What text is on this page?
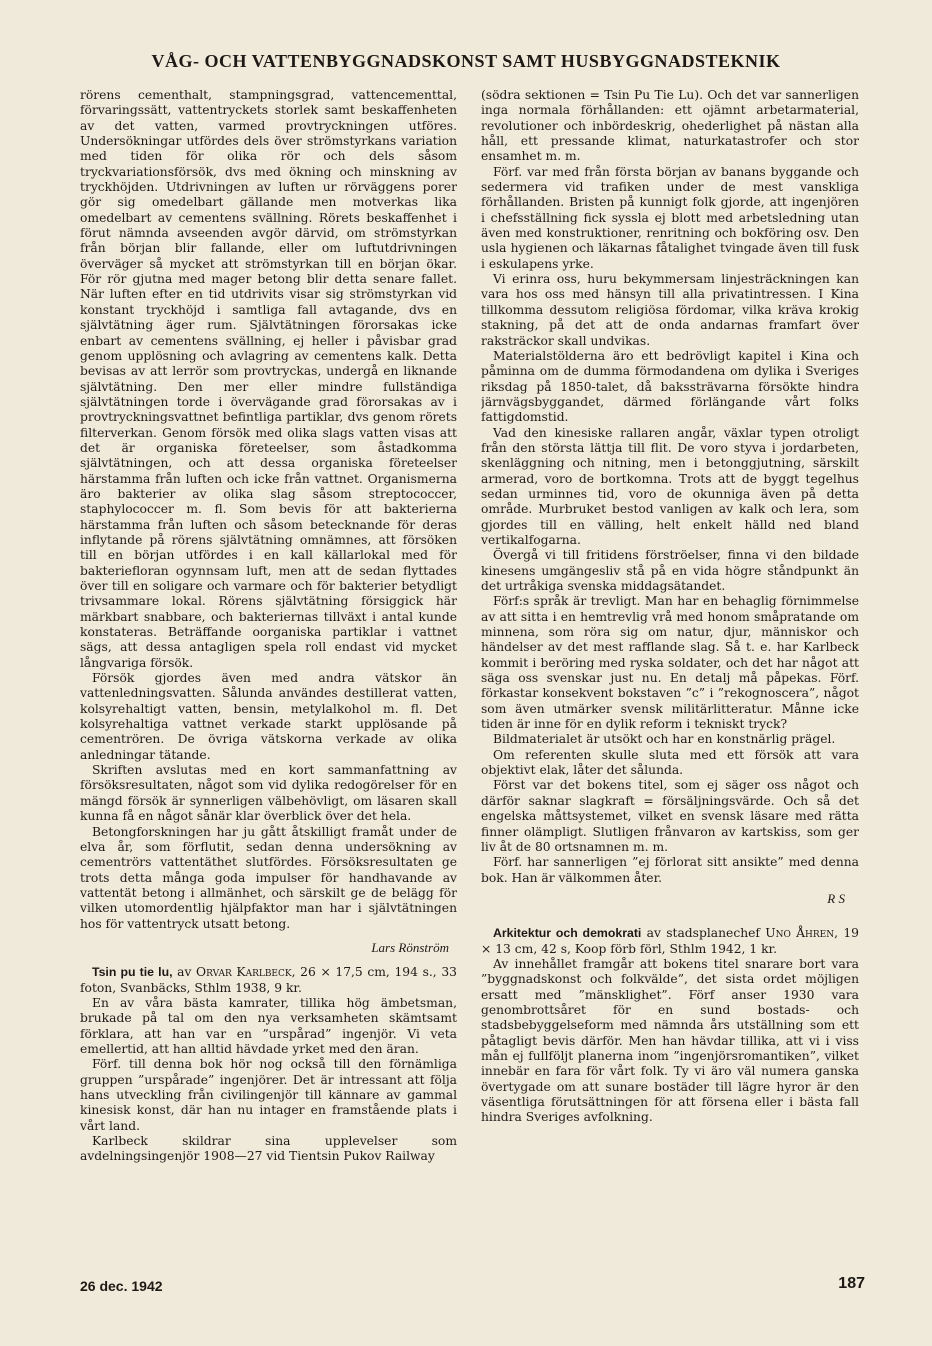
VÅG- OCH VATTENBYGGNADSKONST SAMT HUSBYGGNADSTEKNIK

rörens cementhalt, stampningsgrad, vattencementtal, förvaringssätt, vattentryckets storlek samt beskaffenheten av det vatten, varmed provtryckningen utföres. Undersökningar utfördes dels över strömstyrkans variation med tiden för olika rör och dels såsom tryckvariationsförsök, dvs med ökning och minskning av tryckhöjden. Utdrivningen av luften ur rörväggens porer gör sig omedelbart gällande men motverkas lika omedelbart av cementens svällning. Rörets beskaffenhet i förut nämnda avseenden avgör därvid, om strömstyrkan från början blir fallande, eller om luftutdrivningen överväger så mycket att strömstyrkan till en början ökar. För rör gjutna med mager betong blir detta senare fallet. När luften efter en tid utdrivits visar sig strömstyrkan vid konstant tryckhöjd i samtliga fall avtagande, dvs en självtätning äger rum. Självtätningen förorsakas icke enbart av cementens svällning, ej heller i påvisbar grad genom upplösning och avlagring av cementens kalk. Detta bevisas av att lerrör som provtryckas, undergå en liknande självtätning. Den mer eller mindre fullständiga självtätningen torde i övervägande grad förorsakas av i provtryckningsvattnet befintliga partiklar, dvs genom rörets filterverkan. Genom försök med olika slags vatten visas att det är organiska företeelser, som åstadkomma självtätningen, och att dessa organiska företeelser härstamma från luften och icke från vattnet. Organismerna äro bakterier av olika slag såsom streptococcer, staphylococcer m. fl. Som bevis för att bakterierna härstamma från luften och såsom betecknande för deras inflytande på rörens självtätning omnämnes, att försöken till en början utfördes i en kall källarlokal med för bakteriefloran ogynnsam luft, men att de sedan flyttades över till en soligare och varmare och för bakterier betydligt trivsammare lokal. Rörens självtätning försiggick här märkbart snabbare, och bakteriernas tillväxt i antal kunde konstateras. Beträffande oorganiska partiklar i vattnet sägs, att dessa antagligen spela roll endast vid mycket långvariga försök.

Försök gjordes även med andra vätskor än vattenledningsvatten. Sålunda användes destillerat vatten, kolsyrehaltigt vatten, bensin, metylalkohol m. fl. Det kolsyrehaltiga vattnet verkade starkt upplösande på cementrören. De övriga vätskorna verkade av olika anledningar tätande.

Skriften avslutas med en kort sammanfattning av försöksresultaten, något som vid dylika redogörelser för en mängd försök är synnerligen välbehövligt, om läsaren skall kunna få en något sånär klar överblick över det hela.

Betongforskningen har ju gått åtskilligt framåt under de elva år, som förflutit, sedan denna undersökning av cementrörs vattentäthet slutfördes. Försöksresultaten ge trots detta många goda impulser för handhavande av vattentät betong i allmänhet, och särskilt ge de belägg för vilken utomordentlig hjälpfaktor man har i självtätningen hos för vattentryck utsatt betong.

Lars Rönström

Tsin pu tie lu, av Orvar Karlbeck, 26 × 17,5 cm, 194 s., 33 foton, Svanbäcks, Sthlm 1938, 9 kr.

En av våra bästa kamrater, tillika hög ämbetsman, brukade på tal om den nya verksamheten skämtsamt förklara, att han var en ”urspårad” ingenjör. Vi veta emellertid, att han alltid hävdade yrket med den äran.

Förf. till denna bok hör nog också till den förnämliga gruppen ”urspårade” ingenjörer. Det är intressant att följa hans utveckling från civilingenjör till kännare av gammal kinesisk konst, där han nu intager en framstående plats i vårt land.

Karlbeck skildrar sina upplevelser som avdelningsingenjör 1908—27 vid Tientsin Pukov Railway

(södra sektionen = Tsin Pu Tie Lu). Och det var sannerligen inga normala förhållanden: ett ojämnt arbetarmaterial, revolutioner och inbördeskrig, ohederlighet på nästan alla håll, ett pressande klimat, naturkatastrofer och stor ensamhet m. m.

Förf. var med från första början av banans byggande och sedermera vid trafiken under de mest vanskliga förhållanden. Bristen på kunnigt folk gjorde, att ingenjören i chefsställning fick syssla ej blott med arbetsledning utan även med konstruktioner, renritning och bokföring osv. Den usla hygienen och läkarnas fåtalighet tvingade även till fusk i eskulapens yrke.

Vi erinra oss, huru bekymmersam linjesträckningen kan vara hos oss med hänsyn till alla privatintressen. I Kina tillkomma dessutom religiösa fördomar, vilka kräva krokig stakning, på det att de onda andarnas framfart över raksträckor skall undvikas.

Materialstölderna äro ett bedrövligt kapitel i Kina och påminna om de dumma förmodandena om dylika i Sveriges riksdag på 1850-talet, då bakssträvarna försökte hindra järnvägsbyggandet, därmed förlängande vårt folks fattigdomstid.

Vad den kinesiske rallaren angår, växlar typen otroligt från den största lättja till flit. De voro styva i jordarbeten, skenläggning och nitning, men i betonggjutning, särskilt armerad, voro de bortkomna. Trots att de byggt tegelhus sedan urminnes tid, voro de okunniga även på detta område. Murbruket bestod vanligen av kalk och lera, som gjordes till en välling, helt enkelt hälld ned bland vertikalfogarna.

Övergå vi till fritidens förströelser, finna vi den bildade kinesens umgängesliv stå på en vida högre ståndpunkt än det urtråkiga svenska middagsätandet.

Förf:s språk är trevligt. Man har en behaglig förnimmelse av att sitta i en hemtrevlig vrå med honom småpratande om minnena, som röra sig om natur, djur, människor och händelser av det mest rafflande slag. Så t. e. har Karlbeck kommit i beröring med ryska soldater, och det har något att säga oss svenskar just nu. En detalj må påpekas. Förf. förkastar konsekvent bokstaven ”c” i ”rekognoscera”, något som även utmärker svensk militärlitteratur. Månne icke tiden är inne för en dylik reform i tekniskt tryck?

Bildmaterialet är utsökt och har en konstnärlig prägel.

Om referenten skulle sluta med ett försök att vara objektivt elak, låter det sålunda.

Först var det bokens titel, som ej säger oss något och därför saknar slagkraft = försäljningsvärde. Och så det engelska måttsystemet, vilket en svensk läsare med rätta finner olämpligt. Slutligen frånvaron av kartskiss, som ger liv åt de 80 ortsnamnen m. m.

Förf. har sannerligen ”ej förlorat sitt ansikte” med denna bok. Han är välkommen åter.

R S

Arkitektur och demokrati av stadsplanechef Uno Åhren, 19 × 13 cm, 42 s, Koop förb förl, Sthlm 1942, 1 kr.

Av innehållet framgår att bokens titel snarare bort vara ”byggnadskonst och folkvälde”, det sista ordet möjligen ersatt med ”mänsklighet”. Förf anser 1930 vara genombrottsåret för en sund bostads- och stadsbebyggelseform med nämnda års utställning som ett påtagligt bevis därför. Men han hävdar tillika, att vi i viss mån ej fullföljt planerna inom ”ingenjörsromantiken”, vilket innebär en fara för vårt folk. Ty vi äro väl numera ganska övertygade om att sunare bostäder till lägre hyror är den väsentliga förutsättningen för att försena eller i bästa fall hindra Sveriges avfolkning.

26 dec. 1942	187
